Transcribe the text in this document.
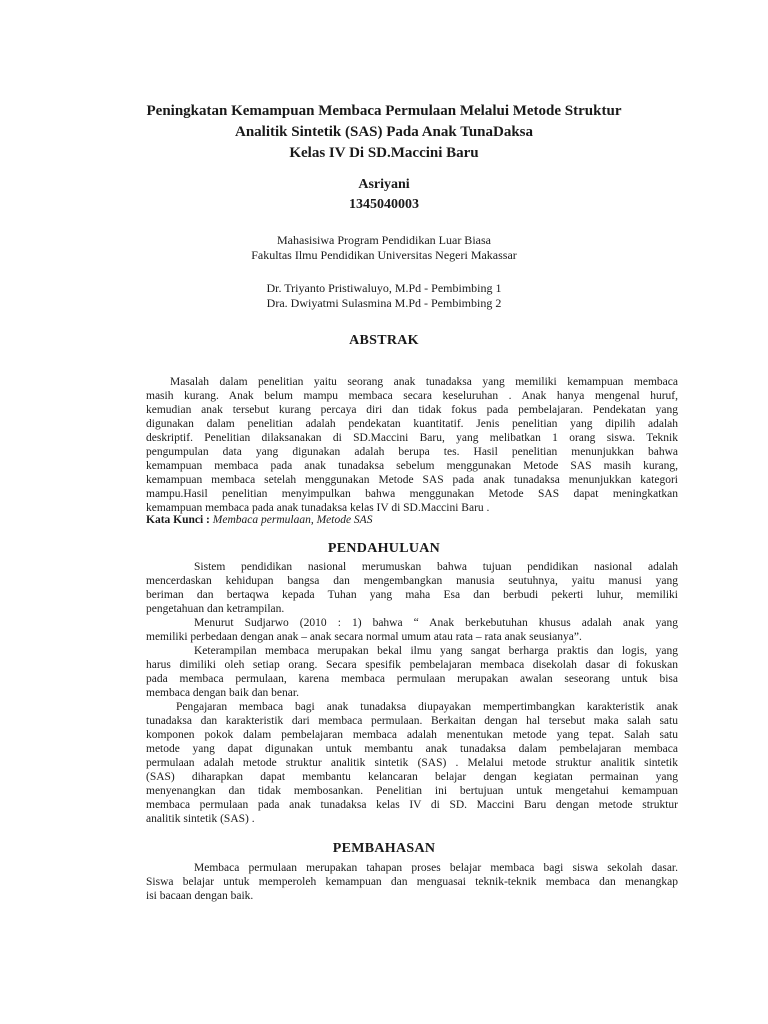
Peningkatan Kemampuan Membaca Permulaan Melalui Metode Struktur
Analitik Sintetik (SAS) Pada Anak TunaDaksa
Kelas IV Di SD.Maccini Baru
Asriyani
1345040003
Mahasisiwa Program Pendidikan Luar Biasa
Fakultas Ilmu Pendidikan Universitas Negeri Makassar
Dr. Triyanto Pristiwaluyo, M.Pd - Pembimbing 1
Dra. Dwiyatmi Sulasmina M.Pd - Pembimbing 2
ABSTRAK
Masalah dalam penelitian yaitu seorang anak tunadaksa yang memiliki kemampuan membaca
masih kurang. Anak belum mampu membaca secara keseluruhan . Anak hanya mengenal huruf,
kemudian anak tersebut kurang percaya diri dan tidak fokus pada pembelajaran. Pendekatan yang
digunakan dalam penelitian adalah pendekatan kuantitatif. Jenis penelitian yang dipilih adalah
deskriptif. Penelitian dilaksanakan di SD.Maccini Baru, yang melibatkan 1 orang siswa. Teknik
pengumpulan data yang digunakan adalah berupa tes. Hasil penelitian menunjukkan bahwa
kemampuan membaca pada anak tunadaksa sebelum menggunakan Metode SAS masih kurang,
kemampuan membaca setelah menggunakan Metode SAS pada anak tunadaksa menunjukkan kategori
mampu.Hasil penelitian menyimpulkan bahwa menggunakan Metode SAS dapat meningkatkan
kemampuan membaca pada anak tunadaksa kelas IV di SD.Maccini Baru .
Kata Kunci : Membaca permulaan, Metode SAS
PENDAHULUAN
Sistem pendidikan nasional merumuskan bahwa tujuan pendidikan nasional adalah
mencerdaskan kehidupan bangsa dan mengembangkan manusia seutuhnya, yaitu manusi yang
beriman dan bertaqwa kepada Tuhan yang maha Esa dan berbudi pekerti luhur, memiliki
pengetahuan dan ketrampilan.
Menurut Sudjarwo (2010 : 1) bahwa “ Anak berkebutuhan khusus adalah anak yang
memiliki perbedaan dengan anak – anak secara normal umum atau rata – rata anak seusianya”.
Keterampilan membaca merupakan bekal ilmu yang sangat berharga praktis dan logis, yang
harus dimiliki oleh setiap orang. Secara spesifik pembelajaran membaca disekolah dasar di fokuskan
pada membaca permulaan, karena membaca permulaan merupakan awalan seseorang untuk bisa
membaca dengan baik dan benar.
Pengajaran membaca bagi anak tunadaksa diupayakan mempertimbangkan karakteristik anak
tunadaksa dan karakteristik dari membaca permulaan. Berkaitan dengan hal tersebut maka salah satu
komponen pokok dalam pembelajaran membaca adalah menentukan metode yang tepat. Salah satu
metode yang dapat digunakan untuk membantu anak tunadaksa dalam pembelajaran membaca
permulaan adalah metode struktur analitik sintetik (SAS) . Melalui metode struktur analitik sintetik
(SAS) diharapkan dapat membantu kelancaran belajar dengan kegiatan permainan yang
menyenangkan dan tidak membosankan. Penelitian ini bertujuan untuk mengetahui kemampuan
membaca permulaan pada anak tunadaksa kelas IV di SD. Maccini Baru dengan metode struktur
analitik sintetik (SAS) .
PEMBAHASAN
Membaca permulaan merupakan tahapan proses belajar membaca bagi siswa sekolah dasar.
Siswa belajar untuk memperoleh kemampuan dan menguasai teknik-teknik membaca dan menangkap
isi bacaan dengan baik.
